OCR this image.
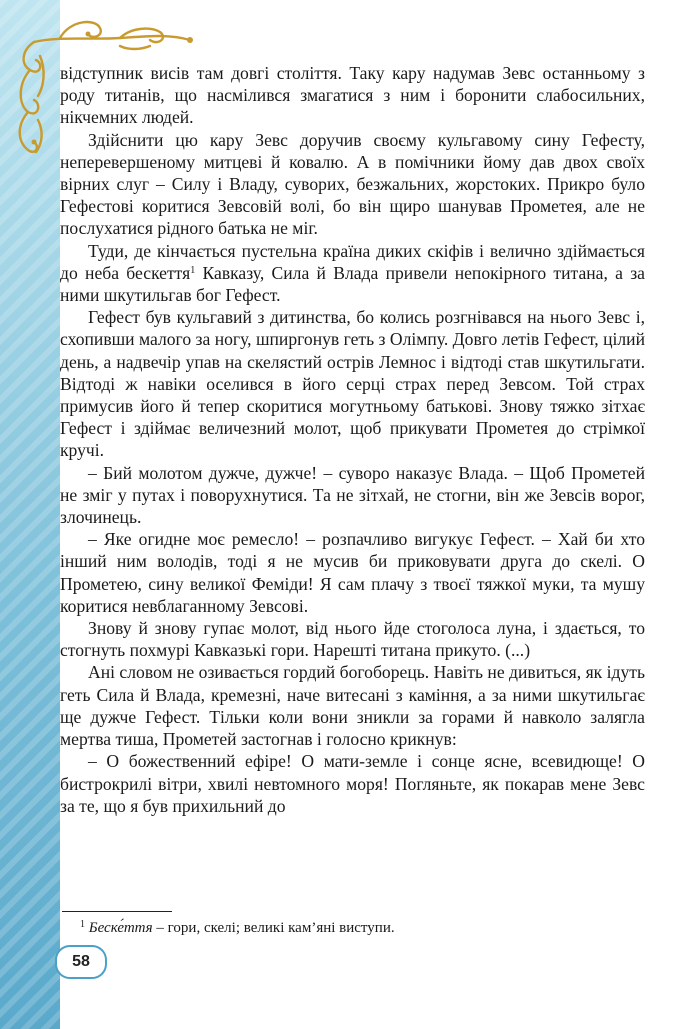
відступник висів там довгі століття. Таку кару надумав Зевс останньому з роду титанів, що насмілився змагатися з ним і боронити слабосильних, нікчемних людей.

Здійснити цю кару Зевс доручив своєму кульгавому сину Гефесту, неперевершеному митцеві й ковалю. А в помічники йому дав двох своїх вірних слуг – Силу і Владу, суворих, безжальних, жорстоких. Прикро було Гефестові коритися Зевсовій волі, бо він щиро шанував Прометея, але не послухатися рідного батька не міг.

Туди, де кінчається пустельна країна диких скіфів і велично здіймається до неба бескеття$^1$ Кавказу, Сила й Влада привели непокірного титана, а за ними шкутильгав бог Гефест.

Гефест був кульгавий з дитинства, бо колись розгнівався на нього Зевс і, схопивши малого за ногу, шпиргонув геть з Олімпу. Довго летів Гефест, цілий день, а надвечір упав на скелястий острів Лемнос і відтоді став шкутильгати. Відтоді ж навіки оселився в його серці страх перед Зевсом. Той страх примусив його й тепер скоритися могутньому батькові. Знову тяжко зітхає Гефест і здіймає величезний молот, щоб прикувати Прометея до стрімкої кручі.

– Бий молотом дужче, дужче! – суворо наказує Влада. – Щоб Прометей не зміг у путах і поворухнутися. Та не зітхай, не стогни, він же Зевсів ворог, злочинець.

– Яке огидне моє ремесло! – розпачливо вигукує Гефест. – Хай би хто інший ним володів, тоді я не мусив би приковувати друга до скелі. О Прометею, сину великої Феміди! Я сам плачу з твоєї тяжкої муки, та мушу коритися невблаганному Зевсові.

Знову й знову гупає молот, від нього йде стоголоса луна, і здається, то стогнуть похмурі Кавказькі гори. Нарешті титана прикуто. (...)

Ані словом не озивається гордий богоборець. Навіть не дивиться, як ідуть геть Сила й Влада, кремезні, наче витесані з каміння, а за ними шкутильгає ще дужче Гефест. Тільки коли вони зникли за горами й навколо залягла мертва тиша, Прометей застогнав і голосно крикнув:

– О божественний ефіре! О мати-земле і сонце ясне, всевидюще! О бистрокрилі вітри, хвилі невтомного моря! Погляньте, як покарав мене Зевс за те, що я був прихильний до

$^1$ Беске́ття – гори, скелі; великі кам’яні виступи.
58
